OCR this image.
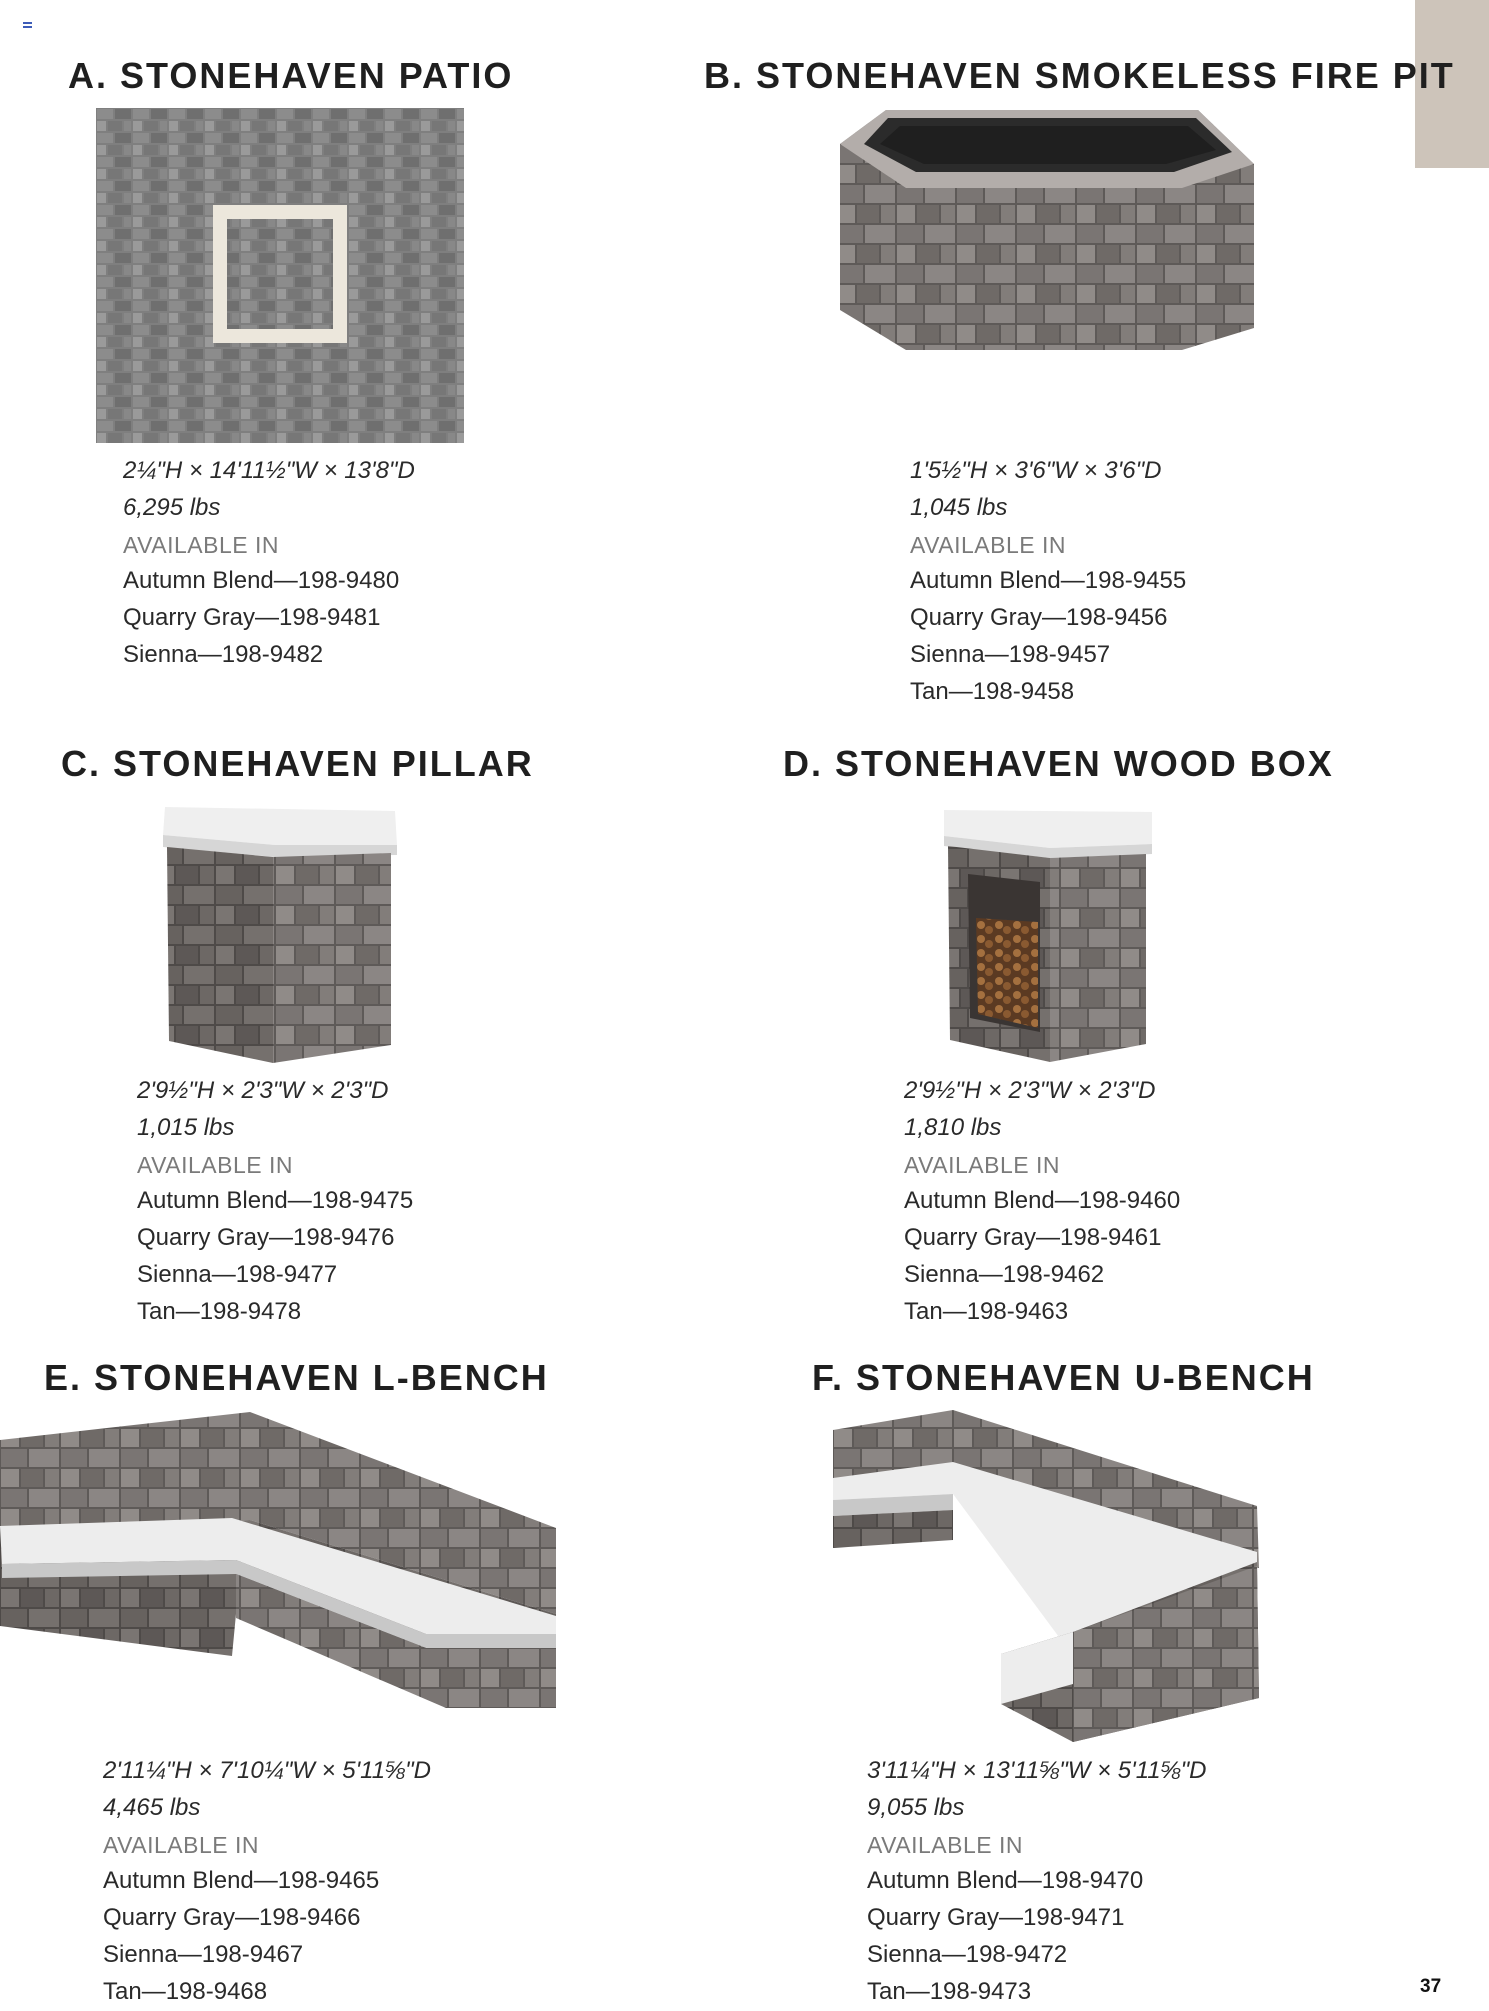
A. STONEHAVEN PATIO
2¼"H × 14'11½"W × 13'8"D
6,295 lbs
AVAILABLE IN
Autumn Blend—198-9480
Quarry Gray—198-9481
Sienna—198-9482
B. STONEHAVEN SMOKELESS FIRE PIT
1'5½"H × 3'6"W × 3'6"D
1,045 lbs
AVAILABLE IN
Autumn Blend—198-9455
Quarry Gray—198-9456
Sienna—198-9457
Tan—198-9458
C. STONEHAVEN PILLAR
2'9½"H × 2'3"W × 2'3"D
1,015 lbs
AVAILABLE IN
Autumn Blend—198-9475
Quarry Gray—198-9476
Sienna—198-9477
Tan—198-9478
D. STONEHAVEN WOOD BOX
2'9½"H × 2'3"W × 2'3"D
1,810 lbs
AVAILABLE IN
Autumn Blend—198-9460
Quarry Gray—198-9461
Sienna—198-9462
Tan—198-9463
E. STONEHAVEN L-BENCH
2'11¼"H × 7'10¼"W × 5'11⅝"D
4,465 lbs
AVAILABLE IN
Autumn Blend—198-9465
Quarry Gray—198-9466
Sienna—198-9467
Tan—198-9468
F. STONEHAVEN U-BENCH
3'11¼"H × 13'11⅝"W × 5'11⅝"D
9,055 lbs
AVAILABLE IN
Autumn Blend—198-9470
Quarry Gray—198-9471
Sienna—198-9472
Tan—198-9473	37
